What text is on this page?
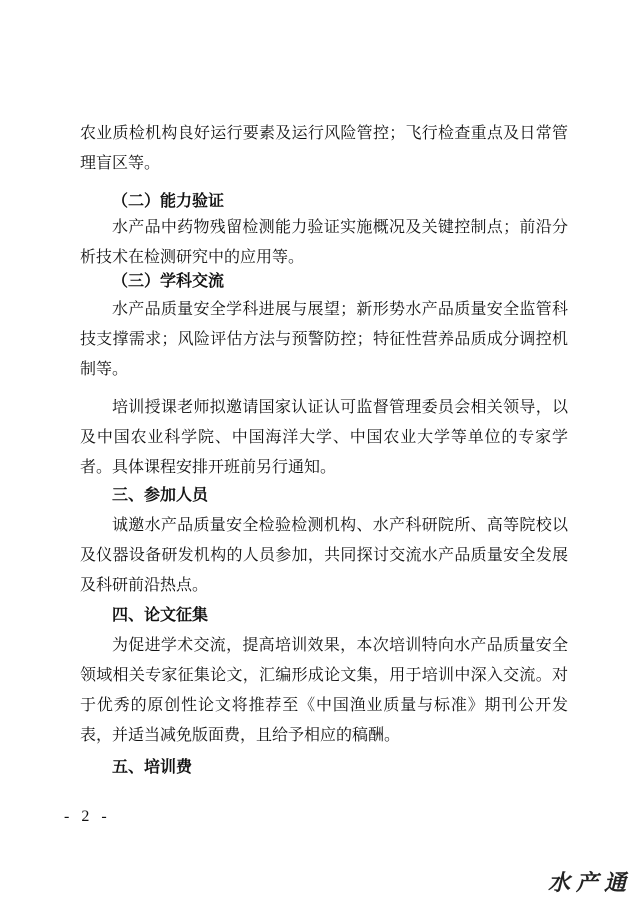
农业质检机构良好运行要素及运行风险管控；飞行检查重点及日常管理盲区等。

（二）能力验证

水产品中药物残留检测能力验证实施概况及关键控制点；前沿分析技术在检测研究中的应用等。

（三）学科交流

水产品质量安全学科进展与展望；新形势水产品质量安全监管科技支撑需求；风险评估方法与预警防控；特征性营养品质成分调控机制等。

培训授课老师拟邀请国家认证认可监督管理委员会相关领导，以及中国农业科学院、中国海洋大学、中国农业大学等单位的专家学者。具体课程安排开班前另行通知。

三、参加人员

诚邀水产品质量安全检验检测机构、水产科研院所、高等院校以及仪器设备研发机构的人员参加，共同探讨交流水产品质量安全发展及科研前沿热点。

四、论文征集

为促进学术交流，提高培训效果，本次培训特向水产品质量安全领域相关专家征集论文，汇编形成论文集，用于培训中深入交流。对于优秀的原创性论文将推荐至《中国渔业质量与标准》期刊公开发表，并适当减免版面费，且给予相应的稿酬。

五、培训费
- 2 -
水产通
